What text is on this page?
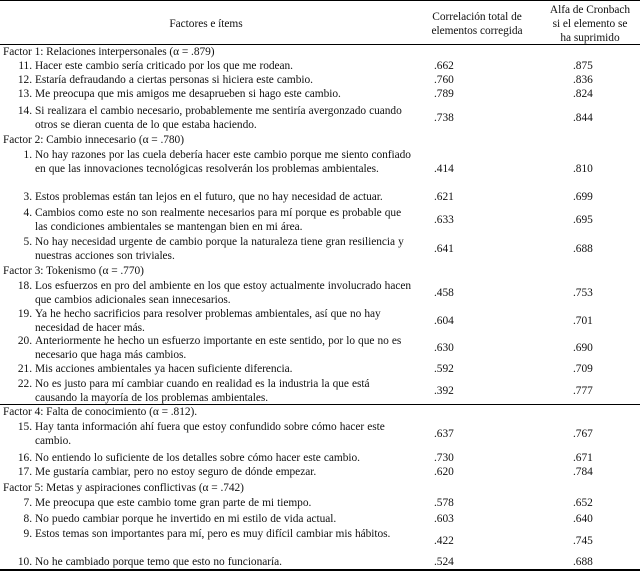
Factores e ítems
Correlación total de
elementos corregida
Alfa de Cronbach
si el elemento se
ha suprimido
Factor 1: Relaciones interpersonales (α = .879)
11. Hacer este cambio sería criticado por los que me rodean.	.662	.875
12. Estaría defraudando a ciertas personas si hiciera este cambio.	.760	.836
13. Me preocupa que mis amigos me desaprueben si hago este cambio.	.789	.824
14. Si realizara el cambio necesario, probablemente me sentiría avergonzado cuando otros se dieran cuenta de lo que estaba haciendo.
.738	.844
Factor 2: Cambio innecesario (α = .780)
1. No hay razones por las cuela debería hacer este cambio porque me siento confiado en que las innovaciones tecnológicas resolverán los problemas ambientales.	.414	.810
3. Estos problemas están tan lejos en el futuro, que no hay necesidad de actuar.	.621	.699
4. Cambios como este no son realmente necesarios para mí porque es probable que las condiciones ambientales se mantengan bien en mi área.
.633	.695
5. No hay necesidad urgente de cambio porque la naturaleza tiene gran resiliencia y nuestras acciones son triviales.
.641	.688
Factor 3: Tokenismo (α = .770)
18. Los esfuerzos en pro del ambiente en los que estoy actualmente involucrado hacen que cambios adicionales sean innecesarios.
.458	.753
19. Ya he hecho sacrificios para resolver problemas ambientales, así que no hay necesidad de hacer más.
.604	.701
20. Anteriormente he hecho un esfuerzo importante en este sentido, por lo que no es necesario que haga más cambios.
.630	.690
21. Mis acciones ambientales ya hacen suficiente diferencia.	.592	.709
22. No es justo para mí cambiar cuando en realidad es la industria la que está causando la mayoría de los problemas ambientales.
.392	.777
Factor 4: Falta de conocimiento (α = .812).
15. Hay tanta información ahí fuera que estoy confundido sobre cómo hacer este cambio.
.637	.767
16. No entiendo lo suficiente de los detalles sobre cómo hacer este cambio.	.730	.671
17. Me gustaría cambiar, pero no estoy seguro de dónde empezar.	.620	.784
Factor 5: Metas y aspiraciones conflictivas (α = .742)
7. Me preocupa que este cambio tome gran parte de mi tiempo.	.578	.652
8. No puedo cambiar porque he invertido en mi estilo de vida actual.	.603	.640
9. Estos temas son importantes para mí, pero es muy difícil cambiar mis hábitos.
.422	.745
10. No he cambiado porque temo que esto no funcionaría.	.524	.688
